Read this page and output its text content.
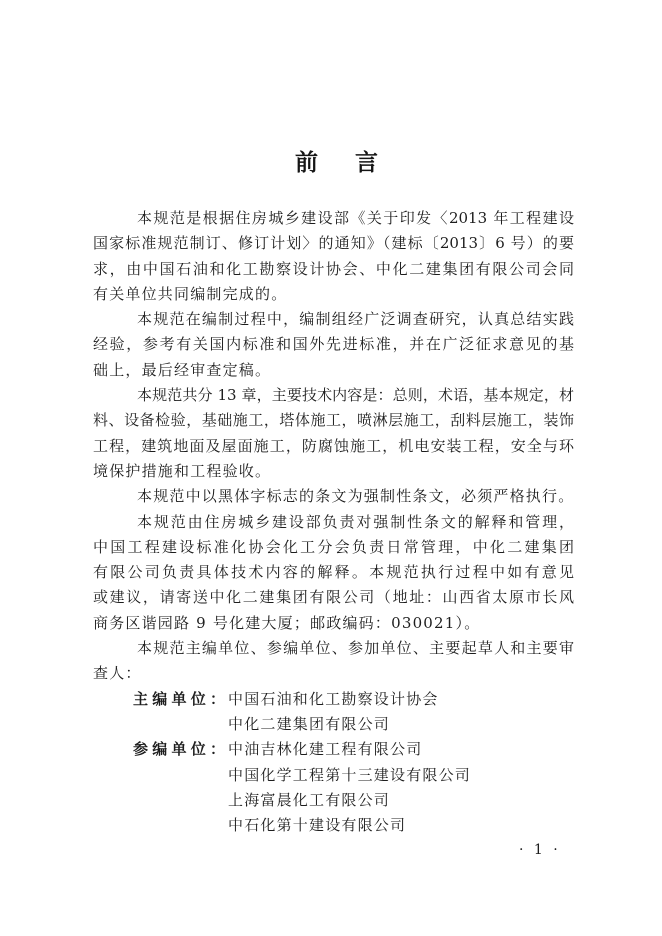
前言
本规范是根据住房城乡建设部《关于印发〈2013 年工程建设
国家标准规范制订、修订计划〉的通知》（建标〔2013〕6 号）的要
求，由中国石油和化工勘察设计协会、中化二建集团有限公司会同
有关单位共同编制完成的。
本规范在编制过程中，编制组经广泛调查研究，认真总结实践
经验，参考有关国内标准和国外先进标准，并在广泛征求意见的基
础上，最后经审查定稿。
本规范共分 13 章，主要技术内容是：总则，术语，基本规定，材
料、设备检验，基础施工，塔体施工，喷淋层施工，刮料层施工，装饰
工程，建筑地面及屋面施工，防腐蚀施工，机电安装工程，安全与环
境保护措施和工程验收。
本规范中以黑体字标志的条文为强制性条文，必须严格执行。
本规范由住房城乡建设部负责对强制性条文的解释和管理，
中国工程建设标准化协会化工分会负责日常管理，中化二建集团
有限公司负责具体技术内容的解释。本规范执行过程中如有意见
或建议，请寄送中化二建集团有限公司（地址：山西省太原市长风
商务区谐园路 9 号化建大厦；邮政编码：030021）。
本规范主编单位、参编单位、参加单位、主要起草人和主要审
查人：
主编单位： 中国石油和化工勘察设计协会
中化二建集团有限公司
参编单位： 中油吉林化建工程有限公司
中国化学工程第十三建设有限公司
上海富晨化工有限公司
中石化第十建设有限公司
· 1 ·
